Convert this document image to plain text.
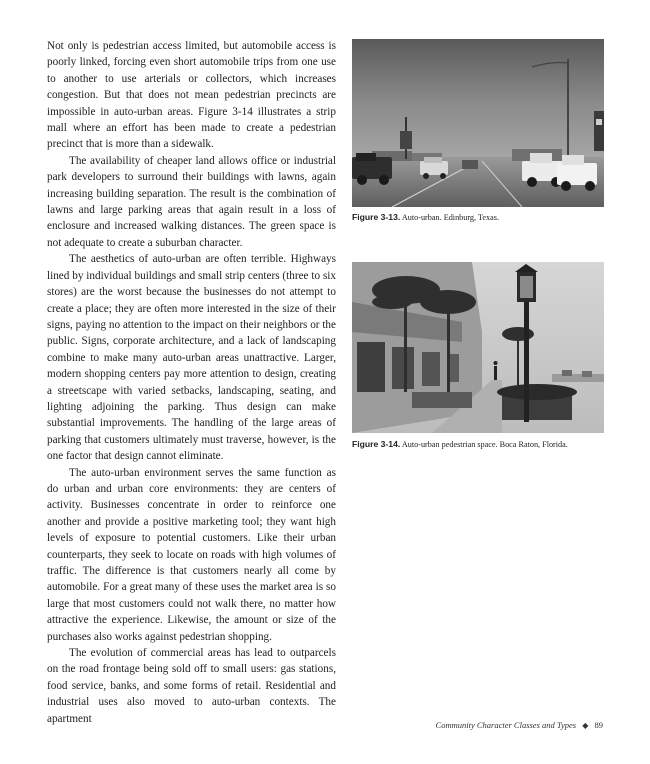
Not only is pedestrian access limited, but automobile access is poorly linked, forcing even short automobile trips from one use to another to use arterials or collectors, which increases congestion. But that does not mean pedestrian precincts are impossible in auto-urban areas. Figure 3-14 illustrates a strip mall where an effort has been made to create a pedestrian precinct that is more than a sidewalk.

The availability of cheaper land allows office or industrial park developers to surround their buildings with lawns, again increasing building separation. The result is the combination of lawns and large parking areas that again result in a loss of enclosure and increased walking distances. The green space is not adequate to create a suburban character.

The aesthetics of auto-urban are often terrible. Highways lined by individual buildings and small strip centers (three to six stores) are the worst because the businesses do not attempt to create a place; they are often more interested in the size of their signs, paying no attention to the impact on their neighbors or the public. Signs, corporate architecture, and a lack of landscaping combine to make many auto-urban areas unattractive. Larger, modern shopping centers pay more attention to design, creating a streetscape with varied setbacks, landscaping, seating, and lighting adjoining the parking. Thus design can make substantial improvements. The handling of the large areas of parking that customers ultimately must traverse, however, is the one factor that design cannot eliminate.

The auto-urban environment serves the same function as do urban and urban core environments: they are centers of activity. Businesses concentrate in order to reinforce one another and provide a positive marketing tool; they want high levels of exposure to potential customers. Like their urban counterparts, they seek to locate on roads with high volumes of traffic. The difference is that customers nearly all come by automobile. For a great many of these uses the market area is so large that most customers could not walk there, no matter how attractive the experience. Likewise, the amount or size of the purchases also works against pedestrian shopping.

The evolution of commercial areas has lead to outparcels on the road frontage being sold off to small users: gas stations, food service, banks, and some forms of retail. Residential and industrial uses also moved to auto-urban contexts. The apartment

Figure 3-13. Auto-urban. Edinburg, Texas.
Figure 3-14. Auto-urban pedestrian space. Boca Raton, Florida.
Community Character Classes and Types ◆ 89
